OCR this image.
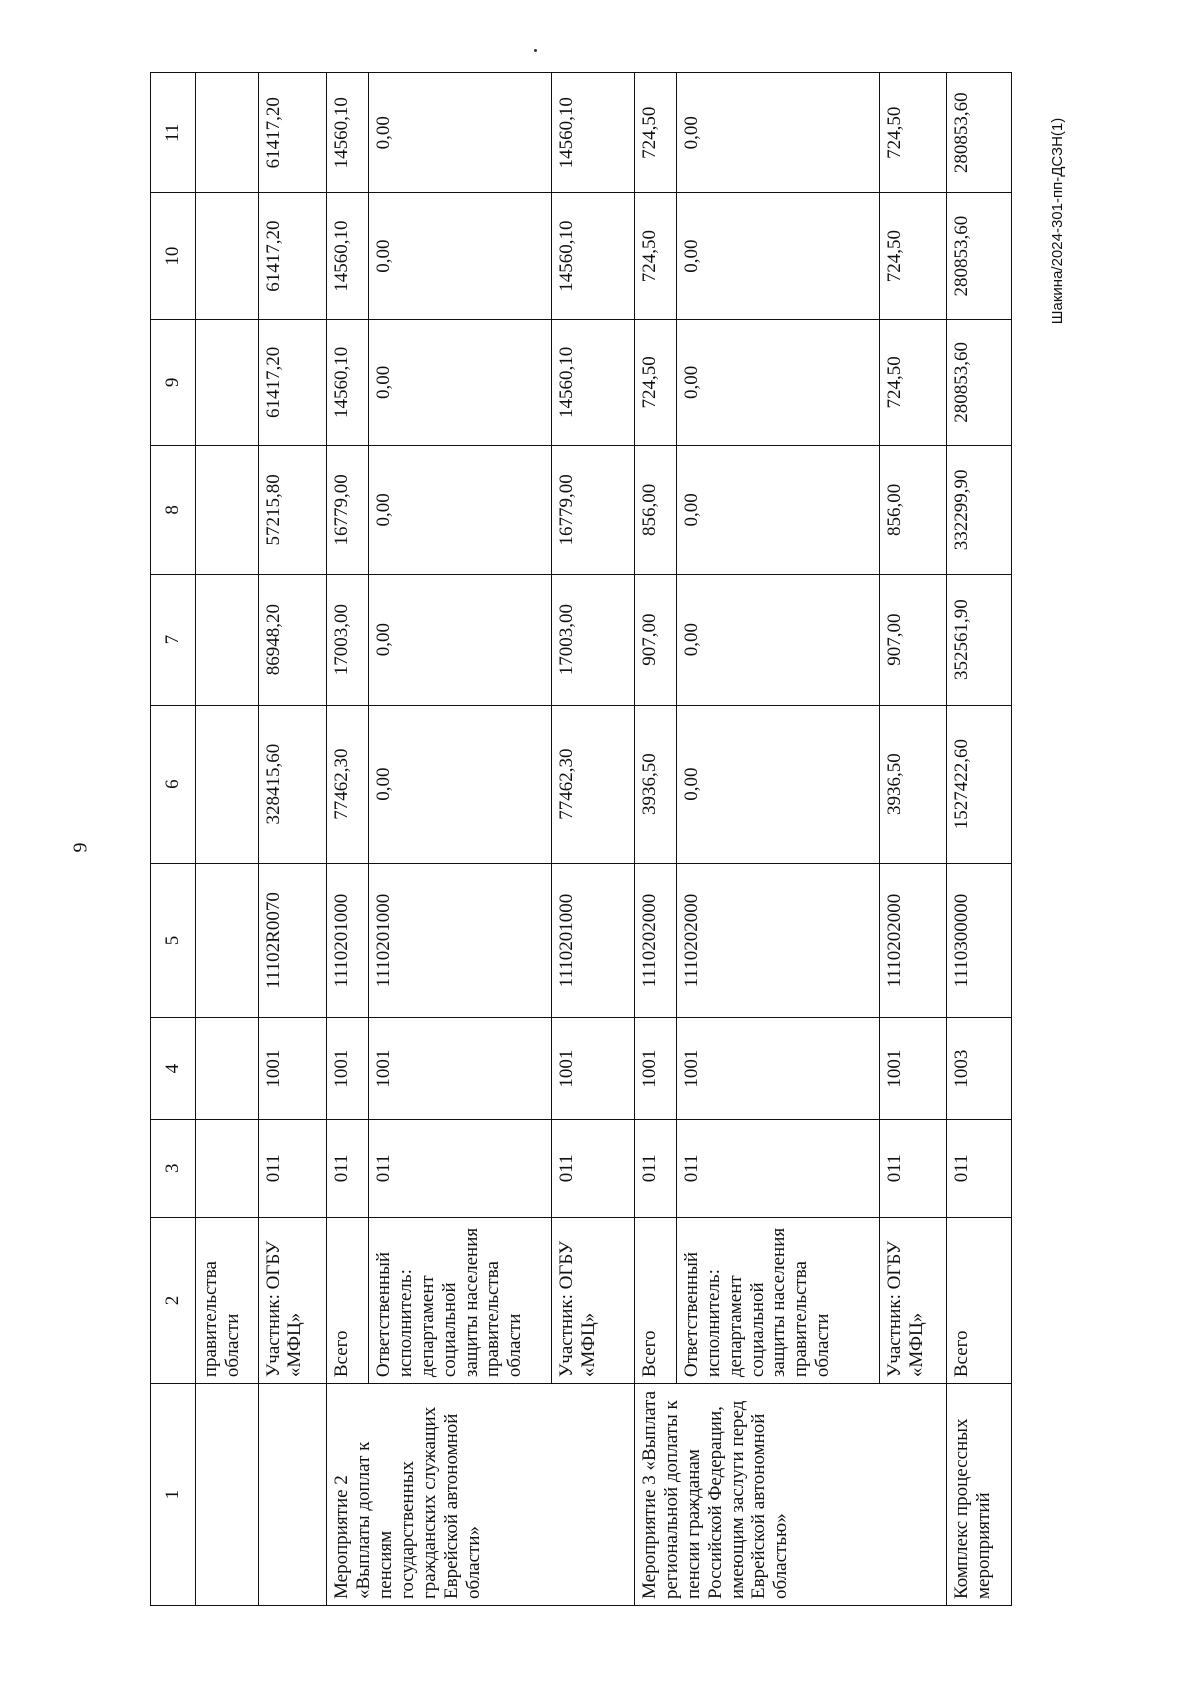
9
Шакина/2024-301-пп-ДСЗН(1)
1	2	3	4	5	6	7	8	9	10	11
	правительства области									
	Участник: ОГБУ «МФЦ»	011	1001	11102R0070	328415,60	86948,20	57215,80	61417,20	61417,20	61417,20
Мероприятие 2 «Выплаты доплат к пенсиям государственных гражданских служащих Еврейской автономной области»	Всего	011	1001	1110201000	77462,30	17003,00	16779,00	14560,10	14560,10	14560,10
	Ответственный исполнитель: департамент социальной защиты населения правительства области	011	1001	1110201000	0,00	0,00	0,00	0,00	0,00	0,00
	Участник: ОГБУ «МФЦ»	011	1001	1110201000	77462,30	17003,00	16779,00	14560,10	14560,10	14560,10
Мероприятие 3 «Выплата региональной доплаты к пенсии гражданам Российской Федерации, имеющим заслуги перед Еврейской автономной областью»	Всего	011	1001	1110202000	3936,50	907,00	856,00	724,50	724,50	724,50
	Ответственный исполнитель: департамент социальной защиты населения правительства области	011	1001	1110202000	0,00	0,00	0,00	0,00	0,00	0,00
	Участник: ОГБУ «МФЦ»	011	1001	1110202000	3936,50	907,00	856,00	724,50	724,50	724,50
Комплекс процессных мероприятий	Всего	011	1003	1110300000	1527422,60	352561,90	332299,90	280853,60	280853,60	280853,60
